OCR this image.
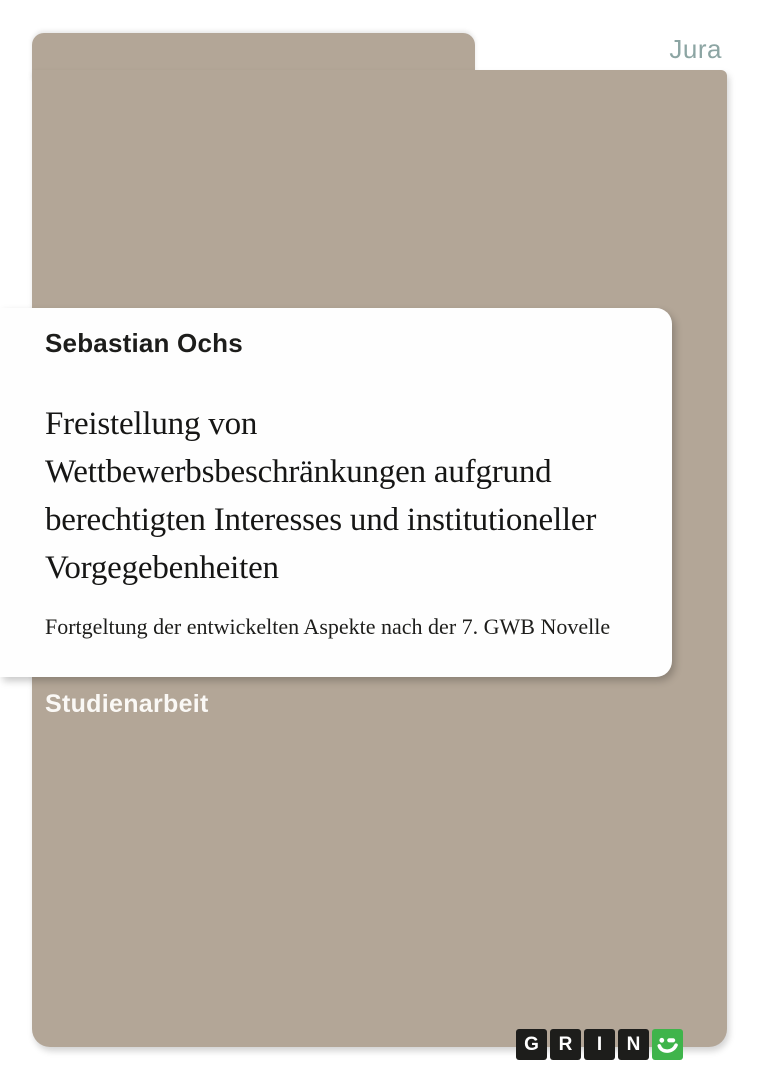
Jura
Sebastian Ochs
Freistellung von
Wettbewerbsbeschränkungen aufgrund
berechtigten Interesses und institutioneller
Vorgegebenheiten
Fortgeltung der entwickelten Aspekte nach der 7. GWB Novelle
Studienarbeit
G	R	I	N
